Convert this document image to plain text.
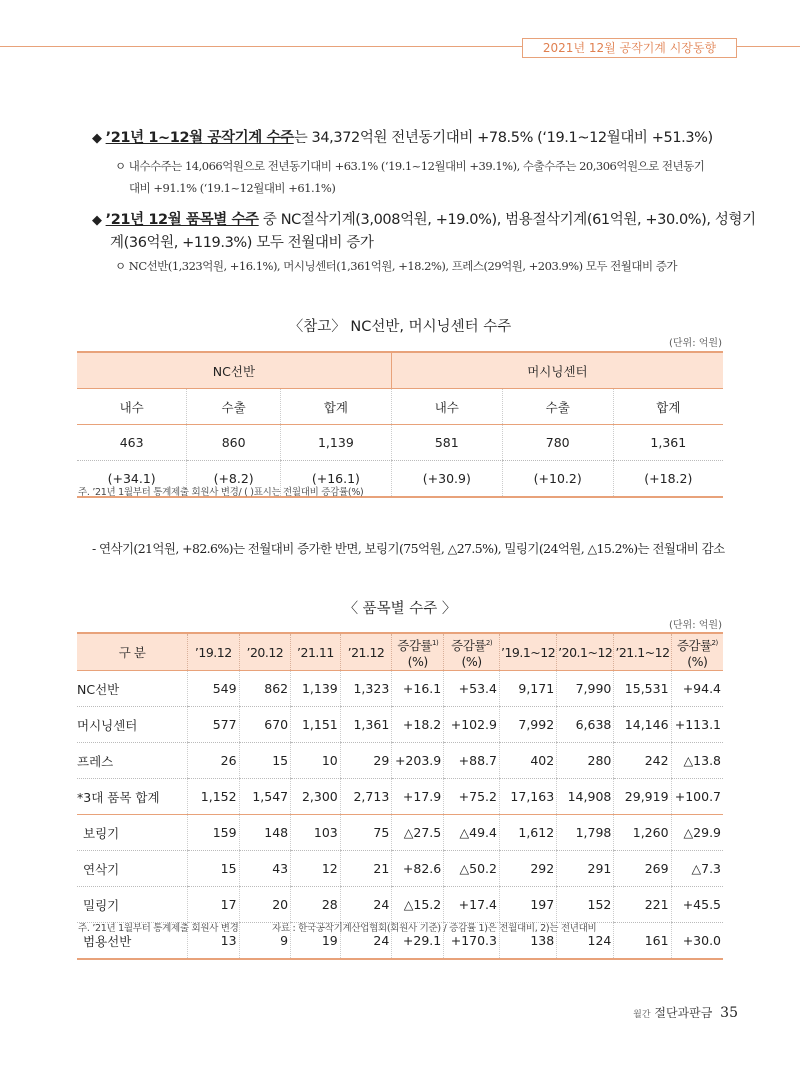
2021년 12월 공작기계 시장동향
◆ ’21년 1~12월 공작기계 수주는 34,372억원 전년동기대비 +78.5% (‘19.1~12월대비 +51.3%)
ㅇ 내수수주는 14,066억원으로 전년동기대비 +63.1% (‘19.1~12월대비 +39.1%), 수출수주는 20,306억원으로 전년동기
대비 +91.1% (‘19.1~12월대비 +61.1%)
◆ ’21년 12월 품목별 수주 중 NC절삭기계(3,008억원, +19.0%), 범용절삭기계(61억원, +30.0%), 성형기
계(36억원, +119.3%) 모두 전월대비 증가
ㅇ NC선반(1,323억원, +16.1%), 머시닝센터(1,361억원, +18.2%), 프레스(29억원, +203.9%) 모두 전월대비 증가
〈참고〉 NC선반, 머시닝센터 수주
(단위: 억원)
NC선반			머시닝센터		
내수	수출	합계	내수	수출	합계
463	860	1,139	581	780	1,361
(+34.1)	(+8.2)	(+16.1)	(+30.9)	(+10.2)	(+18.2)
주. ’21년 1월부터 통계제출 회원사 변경/ ( )표시는 전월대비 증감률(%)
- 연삭기(21억원, +82.6%)는 전월대비 증가한 반면, 보링기(75억원, △27.5%), 밀링기(24억원, △15.2%)는 전월대비 감소
〈 품목별 수주 〉
(단위: 억원)
구 분	’19.12	’20.12	’21.11	’21.12	증감률$^{1)}$(%)	증감률$^{2)}$(%)	’19.1~12	’20.1~12	’21.1~12	증감률$^{2)}$(%)
NC선반	549	862	1,139	1,323	+16.1	+53.4	9,171	7,990	15,531	+94.4
머시닝센터	577	670	1,151	1,361	+18.2	+102.9	7,992	6,638	14,146	+113.1
프레스	26	15	10	29	+203.9	+88.7	402	280	242	△13.8
*3대 품목 합계	1,152	1,547	2,300	2,713	+17.9	+75.2	17,163	14,908	29,919	+100.7
보링기	159	148	103	75	△27.5	△49.4	1,612	1,798	1,260	△29.9
연삭기	15	43	12	21	+82.6	△50.2	292	291	269	△7.3
밀링기	17	20	28	24	△15.2	+17.4	197	152	221	+45.5
범용선반	13	9	19	24	+29.1	+170.3	138	124	161	+30.0
주. ’21년 1월부터 통계제출 회원사 변경	자료 : 한국공작기계산업협회(회원사 기준) / 증감률 1)은 전월대비, 2)는 전년대비
월간 절단과판금 35
